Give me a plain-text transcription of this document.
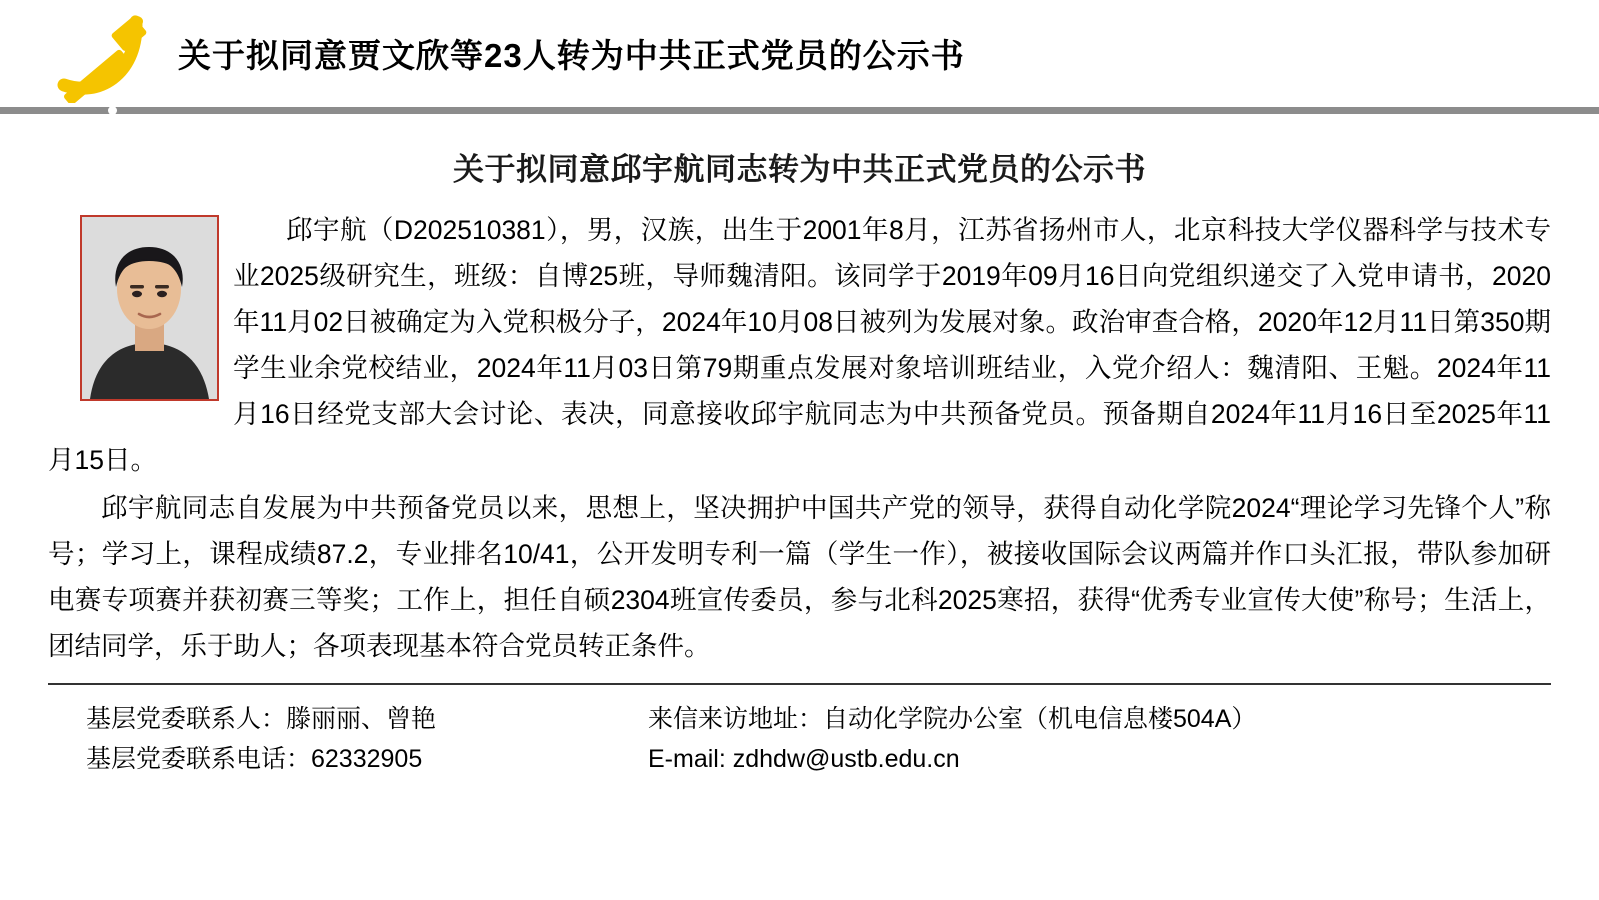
关于拟同意贾文欣等23人转为中共正式党员的公示书
关于拟同意邱宇航同志转为中共正式党员的公示书

邱宇航（D202510381），男，汉族，出生于2001年8月，江苏省扬州市人，北京科技大学仪器科学与技术专业2025级研究生，班级：自博25班，导师魏清阳。该同学于2019年09月16日向党组织递交了入党申请书，2020年11月02日被确定为入党积极分子，2024年10月08日被列为发展对象。政治审查合格，2020年12月11日第350期学生业余党校结业，2024年11月03日第79期重点发展对象培训班结业，入党介绍人：魏清阳、王魁。2024年11月16日经党支部大会讨论、表决，同意接收邱宇航同志为中共预备党员。预备期自2024年11月16日至2025年11月15日。

邱宇航同志自发展为中共预备党员以来，思想上，坚决拥护中国共产党的领导，获得自动化学院2024“理论学习先锋个人”称号；学习上，课程成绩87.2，专业排名10/41，公开发明专利一篇（学生一作），被接收国际会议两篇并作口头汇报，带队参加研电赛专项赛并获初赛三等奖；工作上，担任自硕2304班宣传委员，参与北科2025寒招，获得“优秀专业宣传大使”称号；生活上，团结同学，乐于助人；各项表现基本符合党员转正条件。

基层党委联系人：滕丽丽、曾艳
基层党委联系电话：62332905
来信来访地址：自动化学院办公室（机电信息楼504A）
E-mail: zdhdw@ustb.edu.cn
